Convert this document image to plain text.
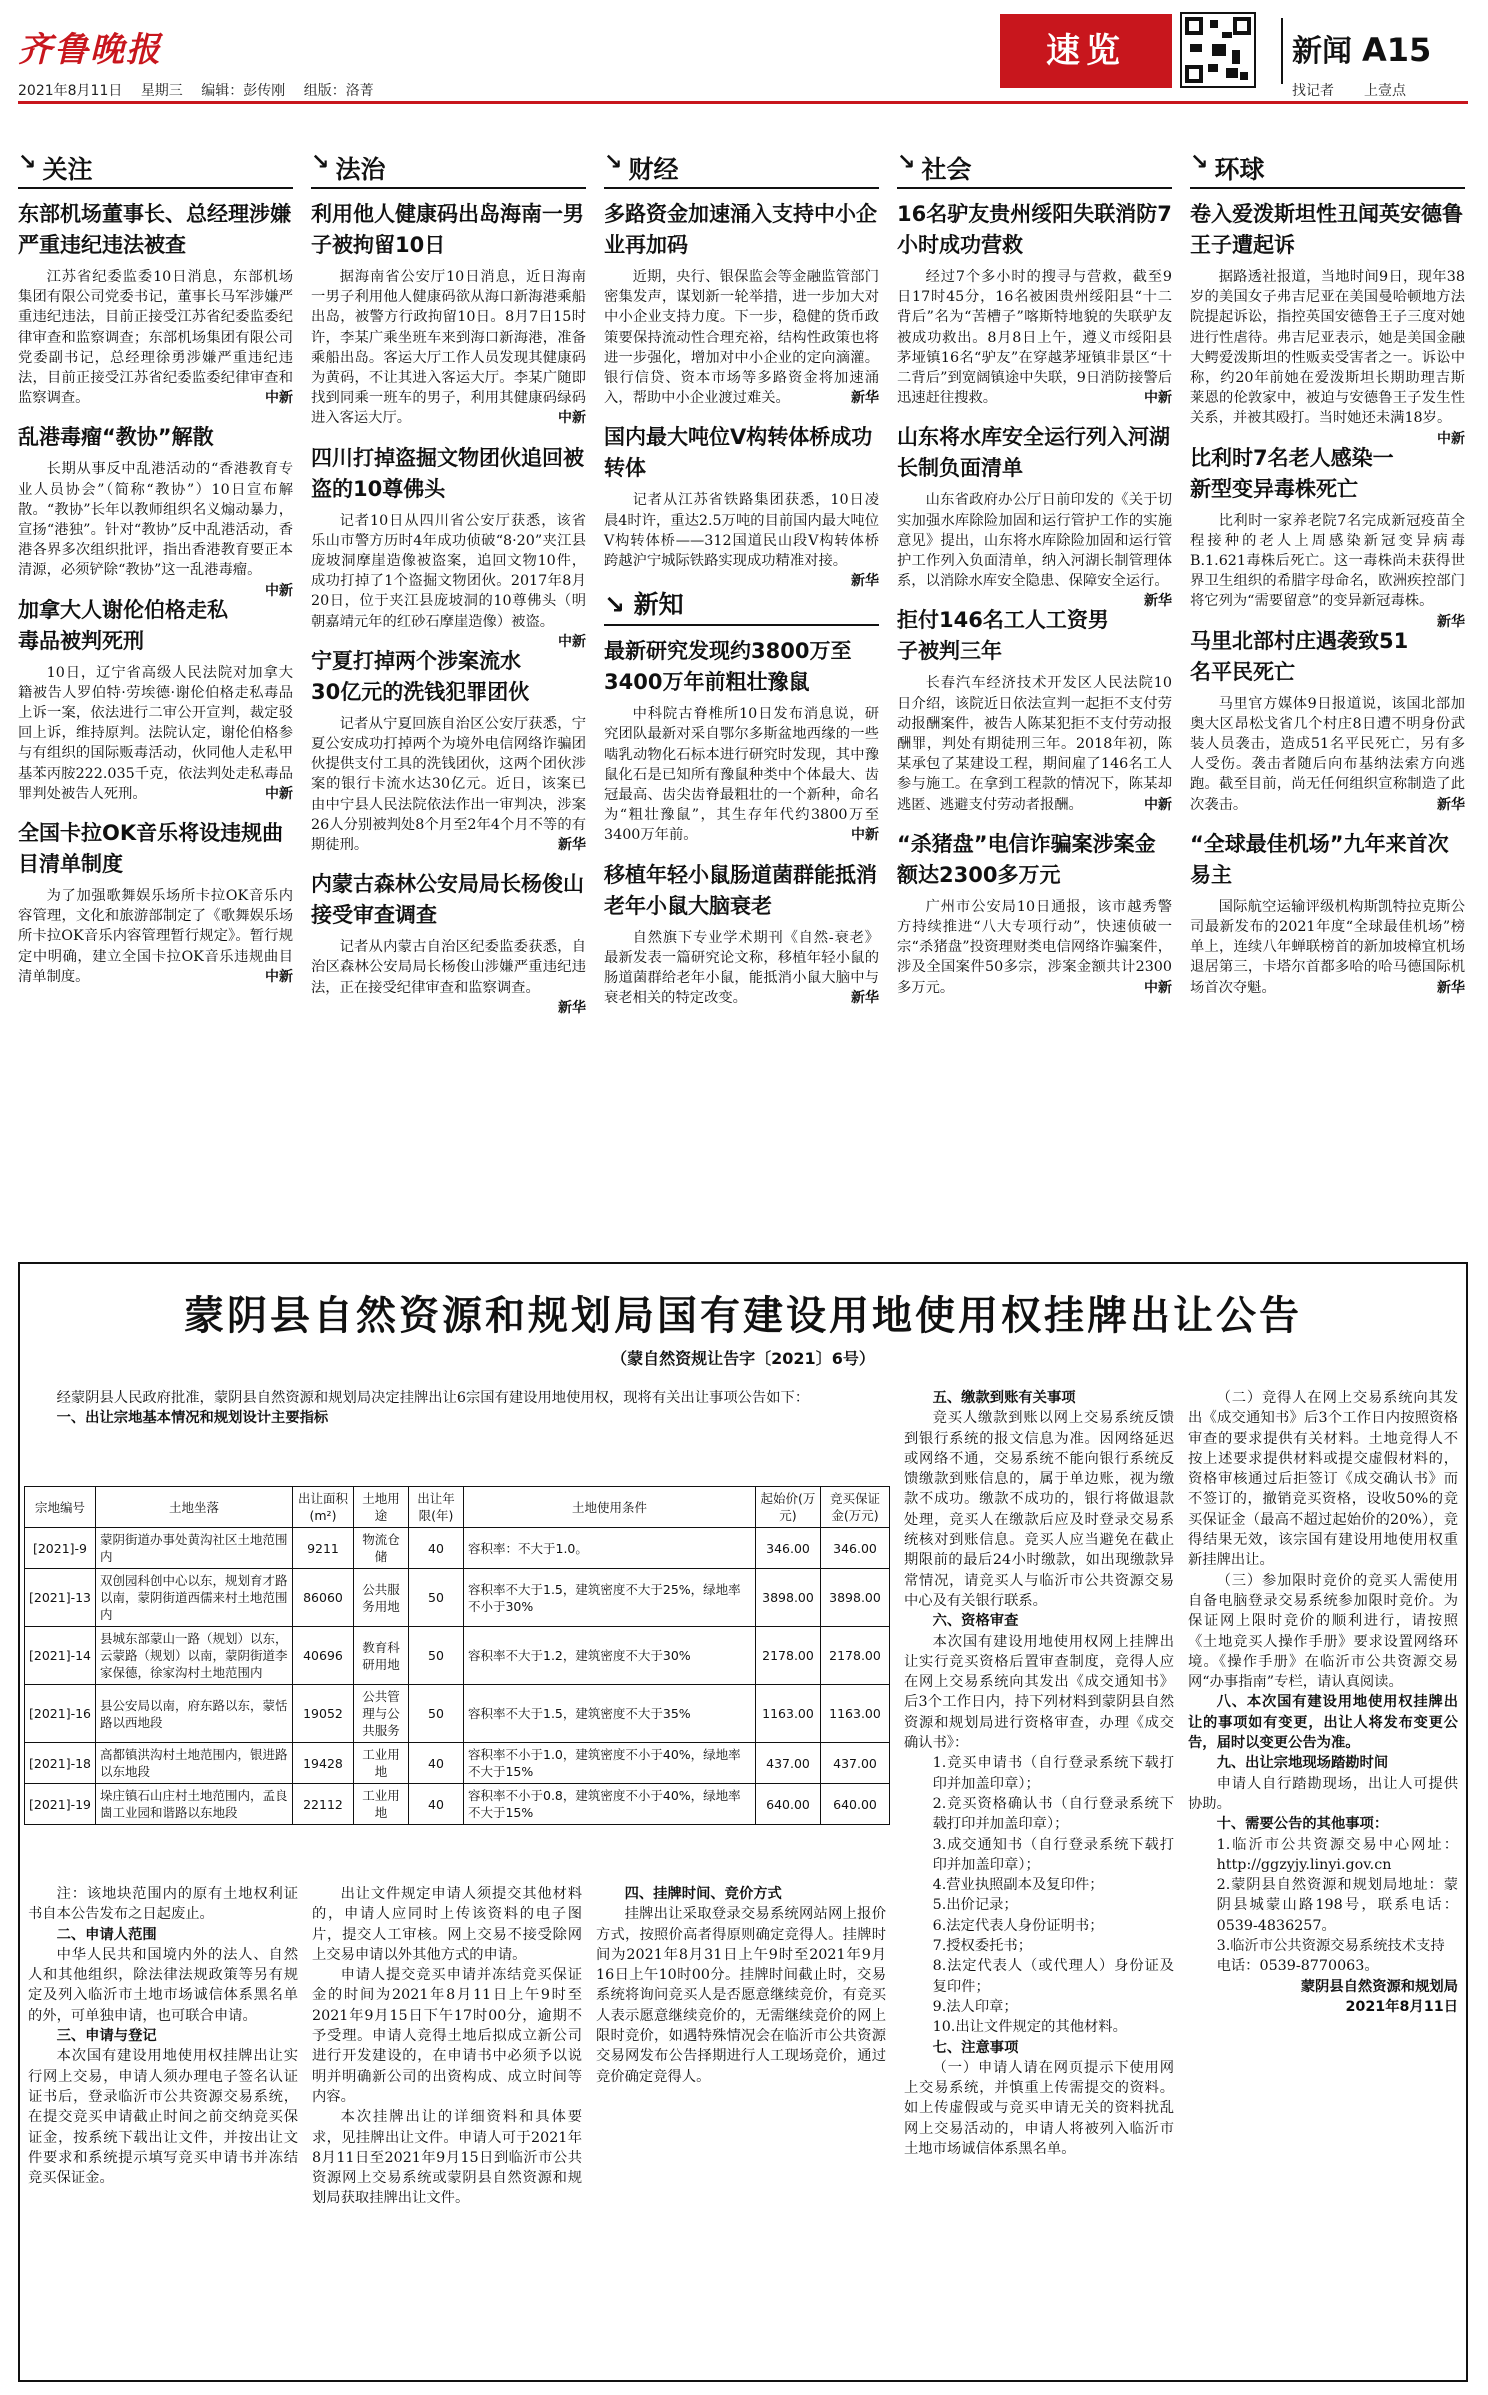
齐鲁晚报
2021年8月11日 星期三 编辑：彭传刚 组版：洛菁
速览	新闻 A15
找记者 上壹点
↘ 关注
东部机场董事长、总经理涉嫌严重违纪违法被查
江苏省纪委监委10日消息，东部机场集团有限公司党委书记，董事长马军涉嫌严重违纪违法，目前正接受江苏省纪委监委纪律审查和监察调查；东部机场集团有限公司党委副书记，总经理徐勇涉嫌严重违纪违法，目前正接受江苏省纪委监委纪律审查和监察调查。	中新
乱港毒瘤“教协”解散
长期从事反中乱港活动的“香港教育专业人员协会”（简称“教协”）10日宣布解散。“教协”长年以教师组织名义煽动暴力，宣扬“港独”。针对“教协”反中乱港活动，香港各界多次组织批评，指出香港教育要正本清源，必须铲除“教协”这一乱港毒瘤。
中新
加拿大人谢伦伯格走私毒品被判死刑
10日，辽宁省高级人民法院对加拿大籍被告人罗伯特·劳埃德·谢伦伯格走私毒品上诉一案，依法进行二审公开宣判，裁定驳回上诉，维持原判。法院认定，谢伦伯格参与有组织的国际贩毒活动，伙同他人走私甲基苯丙胺222.035千克，依法判处走私毒品罪判处被告人死刑。	中新
全国卡拉OK音乐将设违规曲目清单制度
为了加强歌舞娱乐场所卡拉OK音乐内容管理，文化和旅游部制定了《歌舞娱乐场所卡拉OK音乐内容管理暂行规定》。暂行规定中明确，建立全国卡拉OK音乐违规曲目清单制度。	中新
↘ 法治
利用他人健康码出岛海南一男子被拘留10日
据海南省公安厅10日消息，近日海南一男子利用他人健康码欲从海口新海港乘船出岛，被警方行政拘留10日。8月7日15时许，李某广乘坐班车来到海口新海港，准备乘船出岛。客运大厅工作人员发现其健康码为黄码，不让其进入客运大厅。李某广随即找到同乘一班车的男子，利用其健康码绿码进入客运大厅。	中新
四川打掉盗掘文物团伙追回被盗的10尊佛头
记者10日从四川省公安厅获悉，该省乐山市警方历时4年成功侦破“8·20”夹江县庞坡洞摩崖造像被盗案，追回文物10件，成功打掉了1个盗掘文物团伙。2017年8月20日，位于夹江县庞坡洞的10尊佛头（明朝嘉靖元年的红砂石摩崖造像）被盗。
中新
宁夏打掉两个涉案流水30亿元的洗钱犯罪团伙
记者从宁夏回族自治区公安厅获悉，宁夏公安成功打掉两个为境外电信网络诈骗团伙提供支付工具的洗钱团伙，这两个团伙涉案的银行卡流水达30亿元。近日，该案已由中宁县人民法院依法作出一审判决，涉案26人分别被判处8个月至2年4个月不等的有期徒刑。	新华
内蒙古森林公安局局长杨俊山接受审查调查
记者从内蒙古自治区纪委监委获悉，自治区森林公安局局长杨俊山涉嫌严重违纪违法，正在接受纪律审查和监察调查。
新华
↘ 财经
多路资金加速涌入支持中小企业再加码
近期，央行、银保监会等金融监管部门密集发声，谋划新一轮举措，进一步加大对中小企业支持力度。下一步，稳健的货币政策要保持流动性合理充裕，结构性政策也将进一步强化，增加对中小企业的定向滴灌。银行信贷、资本市场等多路资金将加速涌入，帮助中小企业渡过难关。	新华
国内最大吨位V构转体桥成功转体
记者从江苏省铁路集团获悉，10日凌晨4时许，重达2.5万吨的目前国内最大吨位V构转体桥——312国道民山段V构转体桥跨越沪宁城际铁路实现成功精准对接。
新华
↘ 新知
最新研究发现约3800万至3400万年前粗壮豫鼠
中科院古脊椎所10日发布消息说，研究团队最新对采自鄂尔多斯盆地西缘的一些啮乳动物化石标本进行研究时发现，其中豫鼠化石是已知所有豫鼠种类中个体最大、齿冠最高、齿尖齿脊最粗壮的一个新种，命名为“粗壮豫鼠”，其生存年代约3800万至3400万年前。	中新
移植年轻小鼠肠道菌群能抵消老年小鼠大脑衰老
自然旗下专业学术期刊《自然-衰老》最新发表一篇研究论文称，移植年轻小鼠的肠道菌群给老年小鼠，能抵消小鼠大脑中与衰老相关的特定改变。	新华
↘ 社会
16名驴友贵州绥阳失联消防7小时成功营救
经过7个多小时的搜寻与营救，截至9日17时45分，16名被困贵州绥阳县“十二背后”名为“苦槽子”喀斯特地貌的失联驴友被成功救出。8月8日上午，遵义市绥阳县茅垭镇16名“驴友”在穿越茅垭镇非景区“十二背后”到宽阔镇途中失联，9日消防接警后迅速赶往搜救。	中新
山东将水库安全运行列入河湖长制负面清单
山东省政府办公厅日前印发的《关于切实加强水库除险加固和运行管护工作的实施意见》提出，山东将水库除险加固和运行管护工作列入负面清单，纳入河湖长制管理体系，以消除水库安全隐患、保障安全运行。
新华
拒付146名工人工资男子被判三年
长春汽车经济技术开发区人民法院10日介绍，该院近日依法宣判一起拒不支付劳动报酬案件，被告人陈某犯拒不支付劳动报酬罪，判处有期徒刑三年。2018年初，陈某承包了某建设工程，期间雇了146名工人参与施工。在拿到工程款的情况下，陈某却逃匿、逃避支付劳动者报酬。	中新
“杀猪盘”电信诈骗案涉案金额达2300多万元
广州市公安局10日通报，该市越秀警方持续推进“八大专项行动”，快速侦破一宗“杀猪盘”投资理财类电信网络诈骗案件，涉及全国案件50多宗，涉案金额共计2300多万元。	中新
↘ 环球
卷入爱泼斯坦性丑闻英安德鲁王子遭起诉
据路透社报道，当地时间9日，现年38岁的美国女子弗吉尼亚在美国曼哈顿地方法院提起诉讼，指控英国安德鲁王子三度对她进行性虐待。弗吉尼亚表示，她是美国金融大鳄爱泼斯坦的性贩卖受害者之一。诉讼中称，约20年前她在爱泼斯坦长期助理吉斯莱恩的伦敦家中，被迫与安德鲁王子发生性关系，并被其殴打。当时她还未满18岁。
中新
比利时7名老人感染一新型变异毒株死亡
比利时一家养老院7名完成新冠疫苗全程接种的老人上周感染新冠变异病毒B.1.621毒株后死亡。这一毒株尚未获得世界卫生组织的希腊字母命名，欧洲疾控部门将它列为“需要留意”的变异新冠毒株。
新华
马里北部村庄遇袭致51名平民死亡
马里官方媒体9日报道说，该国北部加奥大区昂松戈省几个村庄8日遭不明身份武装人员袭击，造成51名平民死亡，另有多人受伤。袭击者随后向布基纳法索方向逃跑。截至目前，尚无任何组织宣称制造了此次袭击。	新华
“全球最佳机场”九年来首次易主
国际航空运输评级机构斯凯特拉克斯公司最新发布的2021年度“全球最佳机场”榜单上，连续八年蝉联榜首的新加坡樟宜机场退居第三，卡塔尔首都多哈的哈马德国际机场首次夺魁。	新华
蒙阴县自然资源和规划局国有建设用地使用权挂牌出让公告
（蒙自然资规让告字〔2021〕6号）

经蒙阴县人民政府批准，蒙阴县自然资源和规划局决定挂牌出让6宗国有建设用地使用权，现将有关出让事项公告如下：

一、出让宗地基本情况和规划设计主要指标
宗地编号	土地坐落	出让面积(m²)	土地用途	出让年限(年)	土地使用条件	起始价(万元)	竞买保证金(万元)
[2021]-9	蒙阴街道办事处黄沟社区土地范围内	9211	物流仓储	40	容积率：不大于1.0。	346.00	346.00
[2021]-13	双创园科创中心以东，规划育才路以南，蒙阴街道西儒来村土地范围内	86060	公共服务用地	50	容积率不大于1.5，建筑密度不大于25%，绿地率不小于30%	3898.00	3898.00
[2021]-14	县城东部蒙山一路（规划）以东，云蒙路（规划）以南，蒙阴街道李家保德，徐家沟村土地范围内	40696	教育科研用地	50	容积率不大于1.2，建筑密度不大于30%	2178.00	2178.00
[2021]-16	县公安局以南，府东路以东，蒙恬路以西地段	19052	公共管理与公共服务	50	容积率不大于1.5，建筑密度不大于35%	1163.00	1163.00
[2021]-18	高都镇洪沟村土地范围内，银进路以东地段	19428	工业用地	40	容积率不小于1.0，建筑密度不小于40%，绿地率不大于15%	437.00	437.00
[2021]-19	垛庄镇石山庄村土地范围内，孟良崮工业园和谐路以东地段	22112	工业用地	40	容积率不小于0.8，建筑密度不小于40%，绿地率不大于15%	640.00	640.00

注：该地块范围内的原有土地权利证书自本公告发布之日起废止。

二、申请人范围

中华人民共和国境内外的法人、自然人和其他组织，除法律法规政策等另有规定及列入临沂市土地市场诚信体系黑名单的外，可单独申请，也可联合申请。

三、申请与登记

本次国有建设用地使用权挂牌出让实行网上交易，申请人须办理电子签名认证证书后，登录临沂市公共资源交易系统，在提交竞买申请截止时间之前交纳竞买保证金，按系统下载出让文件，并按出让文件要求和系统提示填写竞买申请书并冻结竞买保证金。

出让文件规定申请人须提交其他材料的，申请人应同时上传该资料的电子图片，提交人工审核。网上交易不接受除网上交易申请以外其他方式的申请。

申请人提交竞买申请并冻结竞买保证金的时间为2021年8月11日上午9时至2021年9月15日下午17时00分，逾期不予受理。申请人竞得土地后拟成立新公司进行开发建设的，在申请书中必须予以说明并明确新公司的出资构成、成立时间等内容。

本次挂牌出让的详细资料和具体要求，见挂牌出让文件。申请人可于2021年8月11日至2021年9月15日到临沂市公共资源网上交易系统或蒙阴县自然资源和规划局获取挂牌出让文件。

四、挂牌时间、竞价方式

挂牌出让采取登录交易系统网站网上报价方式，按照价高者得原则确定竞得人。挂牌时间为2021年8月31日上午9时至2021年9月16日上午10时00分。挂牌时间截止时，交易系统将询问竞买人是否愿意继续竞价，有竞买人表示愿意继续竞价的，无需继续竞价的网上限时竞价，如遇特殊情况会在临沂市公共资源交易网发布公告择期进行人工现场竞价，通过竞价确定竞得人。

五、缴款到账有关事项

竞买人缴款到账以网上交易系统反馈到银行系统的报文信息为准。因网络延迟或网络不通，交易系统不能向银行系统反馈缴款到账信息的，属于单边账，视为缴款不成功。缴款不成功的，银行将做退款处理，竞买人在缴款后应及时登录交易系统核对到账信息。竞买人应当避免在截止期限前的最后24小时缴款，如出现缴款异常情况，请竞买人与临沂市公共资源交易中心及有关银行联系。

六、资格审查

本次国有建设用地使用权网上挂牌出让实行竞买资格后置审查制度，竞得人应在网上交易系统向其发出《成交通知书》后3个工作日内，持下列材料到蒙阴县自然资源和规划局进行资格审查，办理《成交确认书》：

1.竞买申请书（自行登录系统下载打印并加盖印章）；

2.竞买资格确认书（自行登录系统下载打印并加盖印章）；

3.成交通知书（自行登录系统下载打印并加盖印章）；

4.营业执照副本及复印件；

5.出价记录；

6.法定代表人身份证明书；

7.授权委托书；

8.法定代表人（或代理人）身份证及复印件；

9.法人印章；

10.出让文件规定的其他材料。

七、注意事项

（一）申请人请在网页提示下使用网上交易系统，并慎重上传需提交的资料。如上传虚假或与竞买申请无关的资料扰乱网上交易活动的，申请人将被列入临沂市土地市场诚信体系黑名单。

（二）竞得人在网上交易系统向其发出《成交通知书》后3个工作日内按照资格审查的要求提供有关材料。土地竞得人不按上述要求提供材料或提交虚假材料的，资格审核通过后拒签订《成交确认书》而不签订的，撤销竞买资格，设收50%的竞买保证金（最高不超过起始价的20%），竞得结果无效，该宗国有建设用地使用权重新挂牌出让。

（三）参加限时竞价的竞买人需使用自备电脑登录交易系统参加限时竞价。为保证网上限时竞价的顺利进行，请按照《土地竞买人操作手册》要求设置网络环境。《操作手册》在临沂市公共资源交易网“办事指南”专栏，请认真阅读。

八、本次国有建设用地使用权挂牌出让的事项如有变更，出让人将发布变更公告，届时以变更公告为准。
九、出让宗地现场踏勘时间

申请人自行踏勘现场，出让人可提供协助。

十、需要公告的其他事项：

1.临沂市公共资源交易中心网址：http://ggzyjy.linyi.gov.cn

2.蒙阴县自然资源和规划局地址：蒙阴县城蒙山路198号，联系电话：0539-4836257。

3.临沂市公共资源交易系统技术支持

电话：0539-8770063。

蒙阴县自然资源和规划局
2021年8月11日
